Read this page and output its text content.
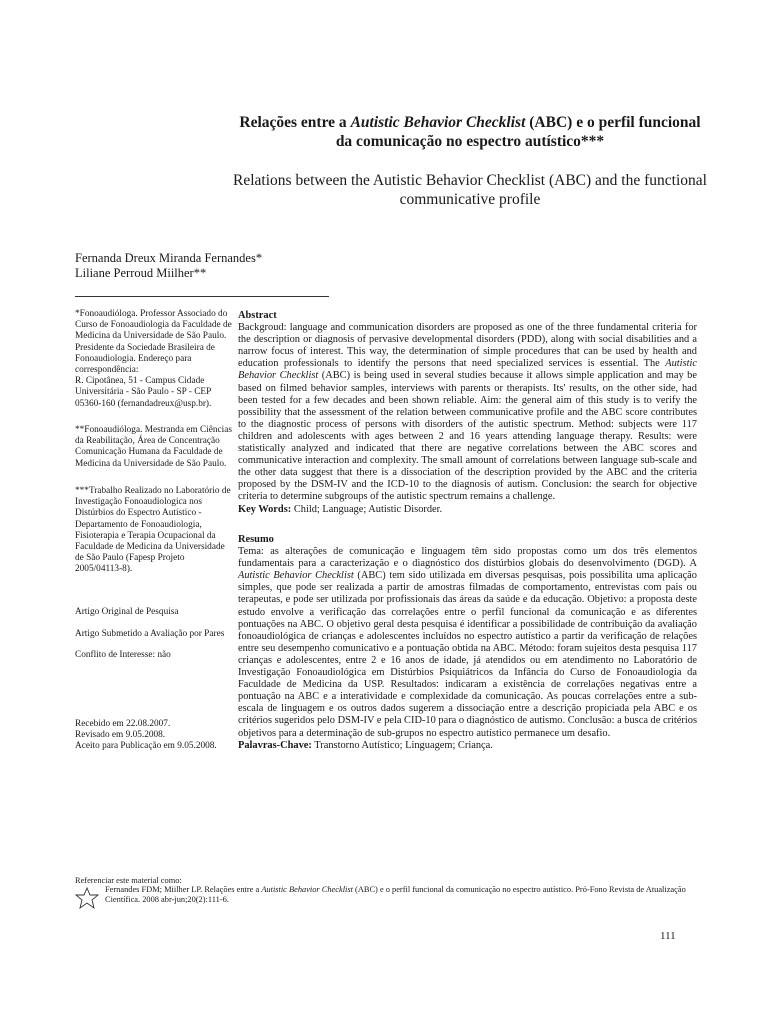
Relações entre a Autistic Behavior Checklist (ABC) e o perfil funcional da comunicação no espectro autístico***
Relations between the Autistic Behavior Checklist (ABC) and the functional communicative profile
Fernanda Dreux Miranda Fernandes*
Liliane Perroud Miilher**

*Fonoaudióloga. Professor Associado do Curso de Fonoaudiologia da Faculdade de Medicina da Universidade de São Paulo. Presidente da Sociedade Brasileira de Fonoaudiologia. Endereço para correspondência:

R. Cipotânea, 51 - Campus Cidade Universitária - São Paulo - SP - CEP 05360-160 (fernandadreux@usp.br).

**Fonoaudióloga. Mestranda em Ciências da Reabilitação, Área de Concentração Comunicação Humana da Faculdade de Medicina da Universidade de São Paulo.
***Trabalho Realizado no Laboratório de Investigação Fonoaudiologica nos Distúrbios do Espectro Autístico - Departamento de Fonoaudiologia, Fisioterapia e Terapia Ocupacional da Faculdade de Medicina da Universidade de São Paulo (Fapesp Projeto 2005/04113-8).
Artigo Original de Pesquisa
Artigo Submetido a Avaliação por Pares
Conflito de Interesse: não
Recebido em 22.08.2007.
Revisado em 9.05.2008.
Aceito para Publicação em 9.05.2008.
Abstract

Backgroud: language and communication disorders are proposed as one of the three fundamental criteria for the description or diagnosis of pervasive developmental disorders (PDD), along with social disabilities and a narrow focus of interest. This way, the determination of simple procedures that can be used by health and education professionals to identify the persons that need specialized services is essential. The Autistic Behavior Checklist (ABC) is being used in several studies because it allows simple application and may be based on filmed behavior samples, interviews with parents or therapists. Its' results, on the other side, had been tested for a few decades and been shown reliable. Aim: the general aim of this study is to verify the possibility that the assessment of the relation between communicative profile and the ABC score contributes to the diagnostic process of persons with disorders of the autistic spectrum. Method: subjects were 117 children and adolescents with ages between 2 and 16 years attending language therapy. Results: were statistically analyzed and indicated that there are negative correlations between the ABC scores and communicative interaction and complexity. The small amount of correlations between language sub-scale and the other data suggest that there is a dissociation of the description provided by the ABC and the criteria proposed by the DSM-IV and the ICD-10 to the diagnosis of autism. Conclusion: the search for objective criteria to determine subgroups of the autistic spectrum remains a challenge.

Key Words: Child; Language; Autistic Disorder.

Resumo

Tema: as alterações de comunicação e linguagem têm sido propostas como um dos três elementos fundamentais para a caracterização e o diagnóstico dos distúrbios globais do desenvolvimento (DGD). A Autistic Behavior Checklist (ABC) tem sido utilizada em diversas pesquisas, pois possibilita uma aplicação simples, que pode ser realizada a partir de amostras filmadas de comportamento, entrevistas com pais ou terapeutas, e pode ser utilizada por profissionais das áreas da saúde e da educação. Objetivo: a proposta deste estudo envolve a verificação das correlações entre o perfil funcional da comunicação e as diferentes pontuações na ABC. O objetivo geral desta pesquisa é identificar a possibilidade de contribuição da avaliação fonoaudiológica de crianças e adolescentes incluídos no espectro autístico a partir da verificação de relações entre seu desempenho comunicativo e a pontuação obtida na ABC. Método: foram sujeitos desta pesquisa 117 crianças e adolescentes, entre 2 e 16 anos de idade, já atendidos ou em atendimento no Laboratório de Investigação Fonoaudiológica em Distúrbios Psiquiátricos da Infância do Curso de Fonoaudiologia da Faculdade de Medicina da USP. Resultados: indicaram a existência de correlações negativas entre a pontuação na ABC e a interatividade e complexidade da comunicação. As poucas correlações entre a sub-escala de linguagem e os outros dados sugerem a dissociação entre a descrição propiciada pela ABC e os critérios sugeridos pelo DSM-IV e pela CID-10 para o diagnóstico de autismo. Conclusão: a busca de critérios objetivos para a determinação de sub-grupos no espectro autístico permanece um desafio.

Palavras-Chave: Transtorno Autístico; Linguagem; Criança.

Referenciar este material como:
Fernandes FDM; Miilher LP. Relações entre a Autistic Behavior Checklist (ABC) e o perfil funcional da comunicação no espectro autístico. Pró-Fono Revista de Atualização Científica. 2008 abr-jun;20(2):111-6.
111
